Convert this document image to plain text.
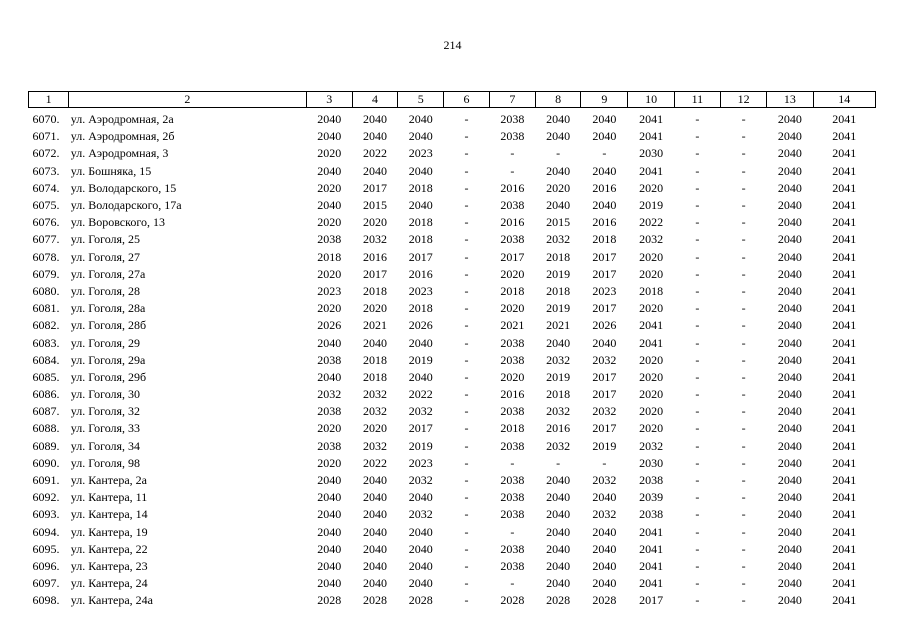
214
1	2	3	4	5	6	7	8	9	10	11	12	13	14
6070.	ул. Аэродромная, 2а	2040	2040	2040	-	2038	2040	2040	2041	-	-	2040	2041
6071.	ул. Аэродромная, 2б	2040	2040	2040	-	2038	2040	2040	2041	-	-	2040	2041
6072.	ул. Аэродромная, 3	2020	2022	2023	-	-	-	-	2030	-	-	2040	2041
6073.	ул. Бошняка, 15	2040	2040	2040	-	-	2040	2040	2041	-	-	2040	2041
6074.	ул. Володарского, 15	2020	2017	2018	-	2016	2020	2016	2020	-	-	2040	2041
6075.	ул. Володарского, 17а	2040	2015	2040	-	2038	2040	2040	2019	-	-	2040	2041
6076.	ул. Воровского, 13	2020	2020	2018	-	2016	2015	2016	2022	-	-	2040	2041
6077.	ул. Гоголя, 25	2038	2032	2018	-	2038	2032	2018	2032	-	-	2040	2041
6078.	ул. Гоголя, 27	2018	2016	2017	-	2017	2018	2017	2020	-	-	2040	2041
6079.	ул. Гоголя, 27а	2020	2017	2016	-	2020	2019	2017	2020	-	-	2040	2041
6080.	ул. Гоголя, 28	2023	2018	2023	-	2018	2018	2023	2018	-	-	2040	2041
6081.	ул. Гоголя, 28а	2020	2020	2018	-	2020	2019	2017	2020	-	-	2040	2041
6082.	ул. Гоголя, 28б	2026	2021	2026	-	2021	2021	2026	2041	-	-	2040	2041
6083.	ул. Гоголя, 29	2040	2040	2040	-	2038	2040	2040	2041	-	-	2040	2041
6084.	ул. Гоголя, 29а	2038	2018	2019	-	2038	2032	2032	2020	-	-	2040	2041
6085.	ул. Гоголя, 29б	2040	2018	2040	-	2020	2019	2017	2020	-	-	2040	2041
6086.	ул. Гоголя, 30	2032	2032	2022	-	2016	2018	2017	2020	-	-	2040	2041
6087.	ул. Гоголя, 32	2038	2032	2032	-	2038	2032	2032	2020	-	-	2040	2041
6088.	ул. Гоголя, 33	2020	2020	2017	-	2018	2016	2017	2020	-	-	2040	2041
6089.	ул. Гоголя, 34	2038	2032	2019	-	2038	2032	2019	2032	-	-	2040	2041
6090.	ул. Гоголя, 98	2020	2022	2023	-	-	-	-	2030	-	-	2040	2041
6091.	ул. Кантера, 2а	2040	2040	2032	-	2038	2040	2032	2038	-	-	2040	2041
6092.	ул. Кантера, 11	2040	2040	2040	-	2038	2040	2040	2039	-	-	2040	2041
6093.	ул. Кантера, 14	2040	2040	2032	-	2038	2040	2032	2038	-	-	2040	2041
6094.	ул. Кантера, 19	2040	2040	2040	-	-	2040	2040	2041	-	-	2040	2041
6095.	ул. Кантера, 22	2040	2040	2040	-	2038	2040	2040	2041	-	-	2040	2041
6096.	ул. Кантера, 23	2040	2040	2040	-	2038	2040	2040	2041	-	-	2040	2041
6097.	ул. Кантера, 24	2040	2040	2040	-	-	2040	2040	2041	-	-	2040	2041
6098.	ул. Кантера, 24а	2028	2028	2028	-	2028	2028	2028	2017	-	-	2040	2041
